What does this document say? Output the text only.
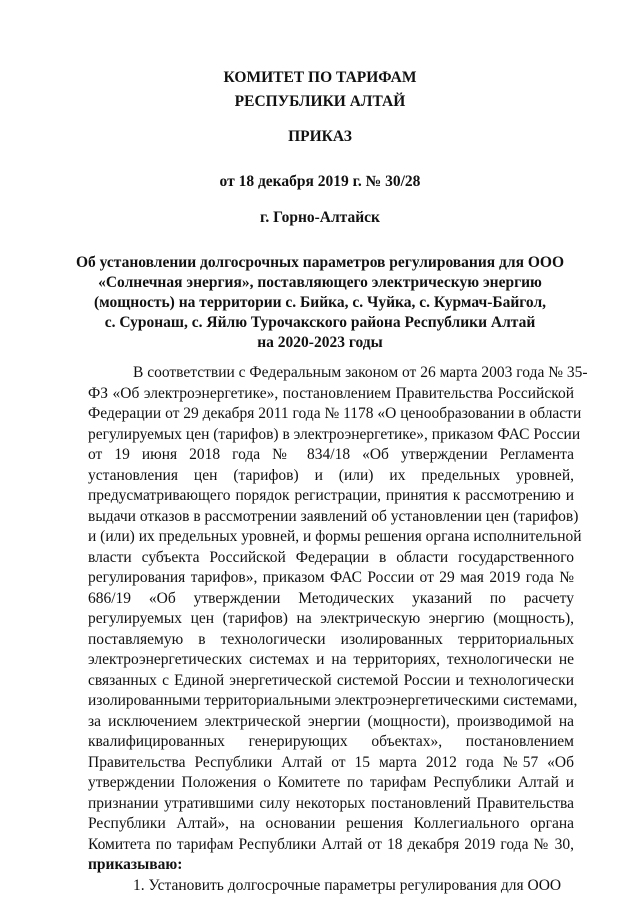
КОМИТЕТ ПО ТАРИФАМ
РЕСПУБЛИКИ АЛТАЙ
ПРИКАЗ
от 18 декабря 2019 г. № 30/28
г. Горно-Алтайск
Об установлении долгосрочных параметров регулирования для ООО
«Солнечная энергия», поставляющего электрическую энергию
(мощность) на территории с. Бийка, с. Чуйка, с. Курмач-Байгол,
с. Суронаш, с. Яйлю Турочакского района Республики Алтай
на 2020-2023 годы
В соответствии с Федеральным законом от 26 марта 2003 года № 35-
ФЗ «Об электроэнергетике», постановлением Правительства Российской
Федерации от 29 декабря 2011 года № 1178 «О ценообразовании в области
регулируемых цен (тарифов) в электроэнергетике», приказом ФАС России
от 19 июня 2018 года № 834/18 «Об утверждении Регламента
установления цен (тарифов) и (или) их предельных уровней,
предусматривающего порядок регистрации, принятия к рассмотрению и
выдачи отказов в рассмотрении заявлений об установлении цен (тарифов)
и (или) их предельных уровней, и формы решения органа исполнительной
власти субъекта Российской Федерации в области государственного
регулирования тарифов», приказом ФАС России от 29 мая 2019 года №
686/19 «Об утверждении Методических указаний по расчету
регулируемых цен (тарифов) на электрическую энергию (мощность),
поставляемую в технологически изолированных территориальных
электроэнергетических системах и на территориях, технологически не
связанных с Единой энергетической системой России и технологически
изолированными территориальными электроэнергетическими системами,
за исключением электрической энергии (мощности), производимой на
квалифицированных генерирующих объектах», постановлением
Правительства Республики Алтай от 15 марта 2012 года №57 «Об
утверждении Положения о Комитете по тарифам Республики Алтай и
признании утратившими силу некоторых постановлений Правительства
Республики Алтай», на основании решения Коллегиального органа
Комитета по тарифам Республики Алтай от 18 декабря 2019 года № 30,
приказываю:
1. Установить долгосрочные параметры регулирования для ООО
